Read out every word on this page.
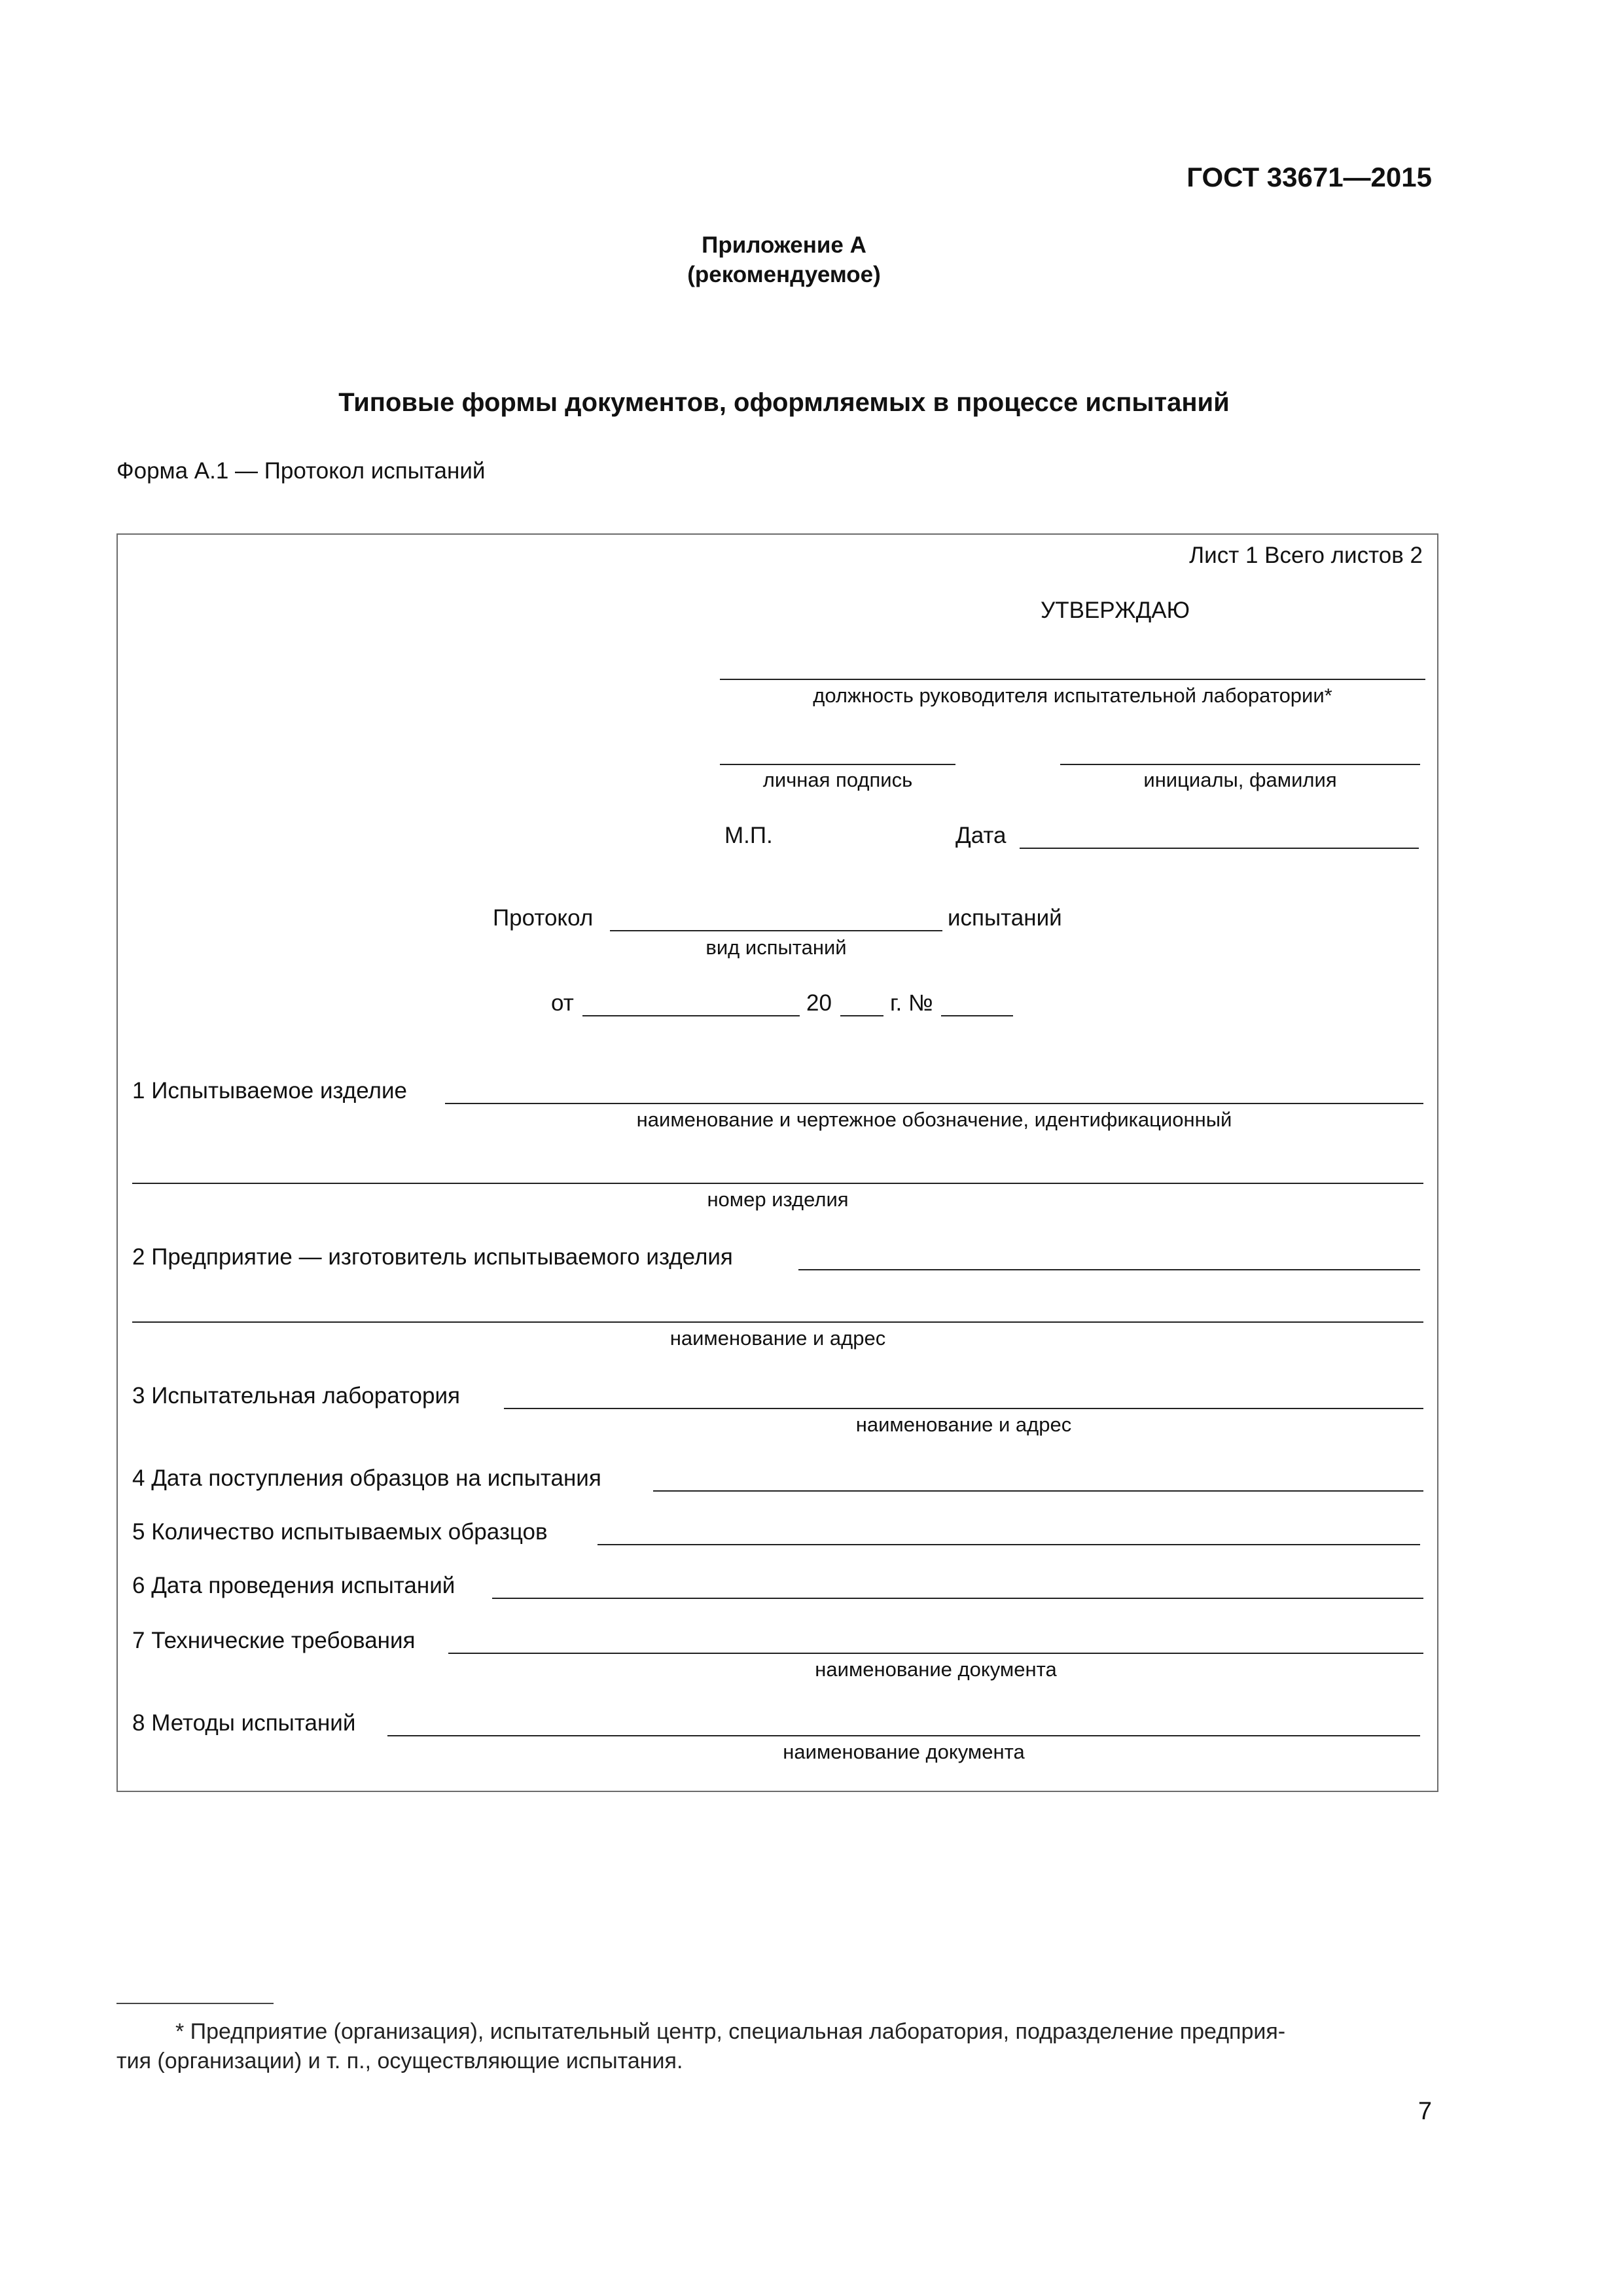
ГОСТ 33671—2015
Приложение А
(рекомендуемое)
Типовые формы документов, оформляемых в процессе испытаний
Форма А.1 — Протокол испытаний
Лист 1 Всего листов 2
УТВЕРЖДАЮ
должность руководителя испытательной лаборатории*
личная подпись	инициалы, фамилия
М.П.	Дата
Протокол	испытаний
вид испытаний
от	20	г. №
1 Испытываемое изделие
наименование и чертежное обозначение, идентификационный
номер изделия
2 Предприятие — изготовитель испытываемого изделия
наименование и адрес
3 Испытательная лаборатория
наименование и адрес
4 Дата поступления образцов на испытания
5 Количество испытываемых образцов
6 Дата проведения испытаний
7 Технические требования
наименование документа
8 Методы испытаний
наименование документа
* Предприятие (организация), испытательный центр, специальная лаборатория, подразделение предприя-
тия (организации) и т. п., осуществляющие испытания.
7
